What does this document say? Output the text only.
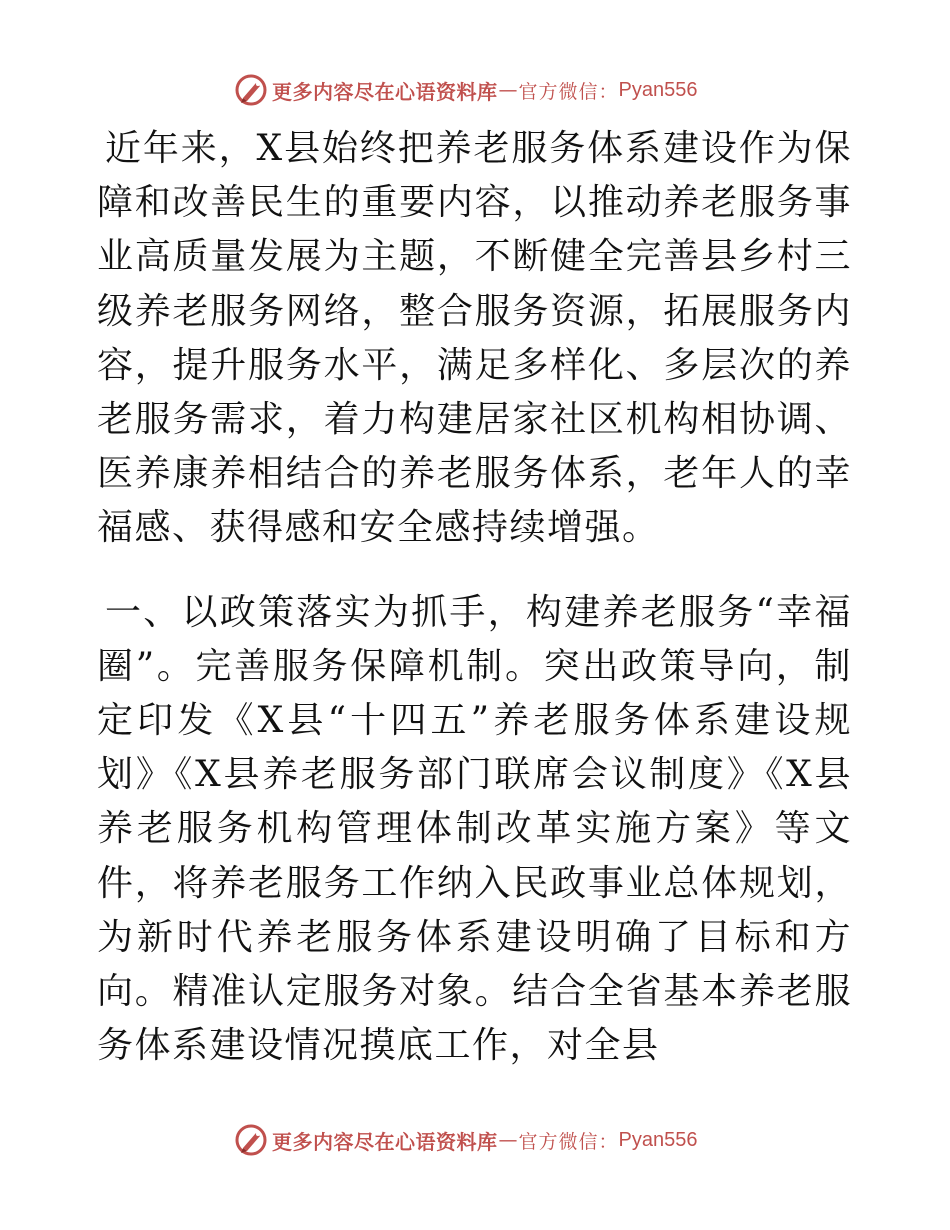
更多内容尽在心语资料库 — 官方微信： Pyan556

近年来，X县始终把养老服务体系建设作为保障和改善民生的重要内容，以推动养老服务事业高质量发展为主题，不断健全完善县乡村三级养老服务网络，整合服务资源，拓展服务内容，提升服务水平，满足多样化、多层次的养老服务需求，着力构建居家社区机构相协调、医养康养相结合的养老服务体系，老年人的幸福感、获得感和安全感持续增强。

一、以政策落实为抓手，构建养老服务“幸福圈”。完善服务保障机制。突出政策导向，制定印发《X县“十四五”养老服务体系建设规划》《X县养老服务部门联席会议制度》《X县养老服务机构管理体制改革实施方案》等文件，将养老服务工作纳入民政事业总体规划，为新时代养老服务体系建设明确了目标和方向。精准认定服务对象。结合全省基本养老服务体系建设情况摸底工作，对全县

更多内容尽在心语资料库 — 官方微信： Pyan556
